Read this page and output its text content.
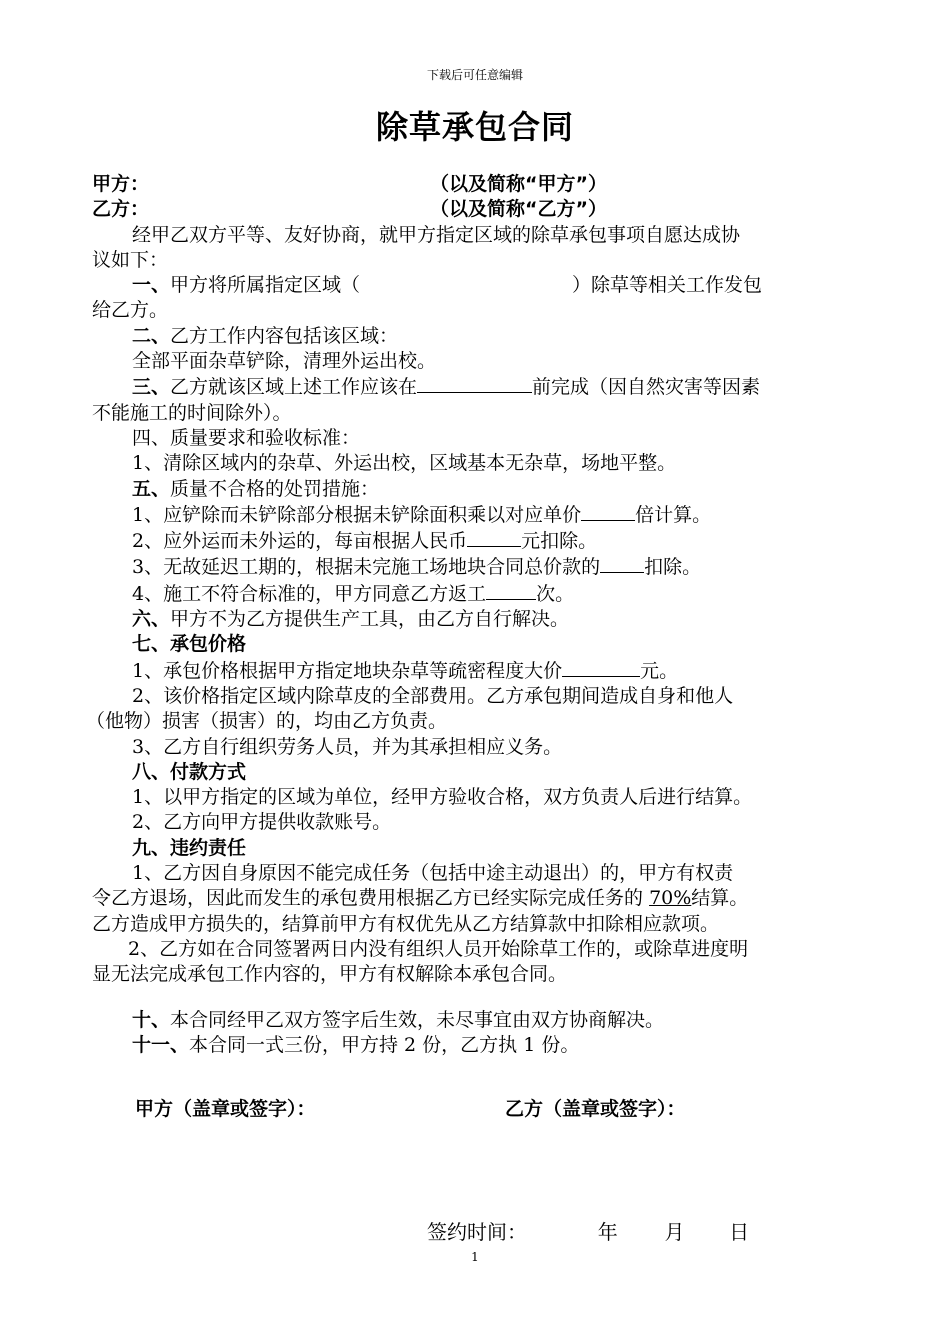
下载后可任意编辑
除草承包合同
甲方：	（以及简称“甲方”）
乙方：	（以及简称“乙方”）
经甲乙双方平等、友好协商，就甲方指定区域的除草承包事项自愿达成协
议如下：
一、甲方将所属指定区域（	）除草等相关工作发包
给乙方。
二、乙方工作内容包括该区域：
全部平面杂草铲除，清理外运出校。
三、乙方就该区域上述工作应该在	前完成（因自然灾害等因素
不能施工的时间除外）。
四、质量要求和验收标准：
1、清除区域内的杂草、外运出校，区域基本无杂草，场地平整。
五、质量不合格的处罚措施：
1、应铲除而未铲除部分根据未铲除面积乘以对应单价	倍计算。
2、应外运而未外运的，每亩根据人民币	元扣除。
3、无故延迟工期的，根据未完施工场地块合同总价款的 扣除。
4、施工不符合标准的，甲方同意乙方返工	次。
六、甲方不为乙方提供生产工具，由乙方自行解决。
七、承包价格
1、承包价格根据甲方指定地块杂草等疏密程度大价	元。
2、该价格指定区域内除草皮的全部费用。乙方承包期间造成自身和他人
（他物）损害（损害）的，均由乙方负责。
3、乙方自行组织劳务人员，并为其承担相应义务。
八、付款方式
1、以甲方指定的区域为单位，经甲方验收合格，双方负责人后进行结算。
2、乙方向甲方提供收款账号。
九、违约责任
1、乙方因自身原因不能完成任务（包括中途主动退出）的，甲方有权责
令乙方退场，因此而发生的承包费用根据乙方已经实际完成任务的 70%结算。
乙方造成甲方损失的，结算前甲方有权优先从乙方结算款中扣除相应款项。
2、乙方如在合同签署两日内没有组织人员开始除草工作的，或除草进度明
显无法完成承包工作内容的，甲方有权解除本承包合同。
十、本合同经甲乙双方签字后生效，未尽事宜由双方协商解决。
十一、本合同一式三份，甲方持 2 份，乙方执 1 份。
甲方（盖章或签字）：	乙方（盖章或签字）：
签约时间：	年 月 日
1
